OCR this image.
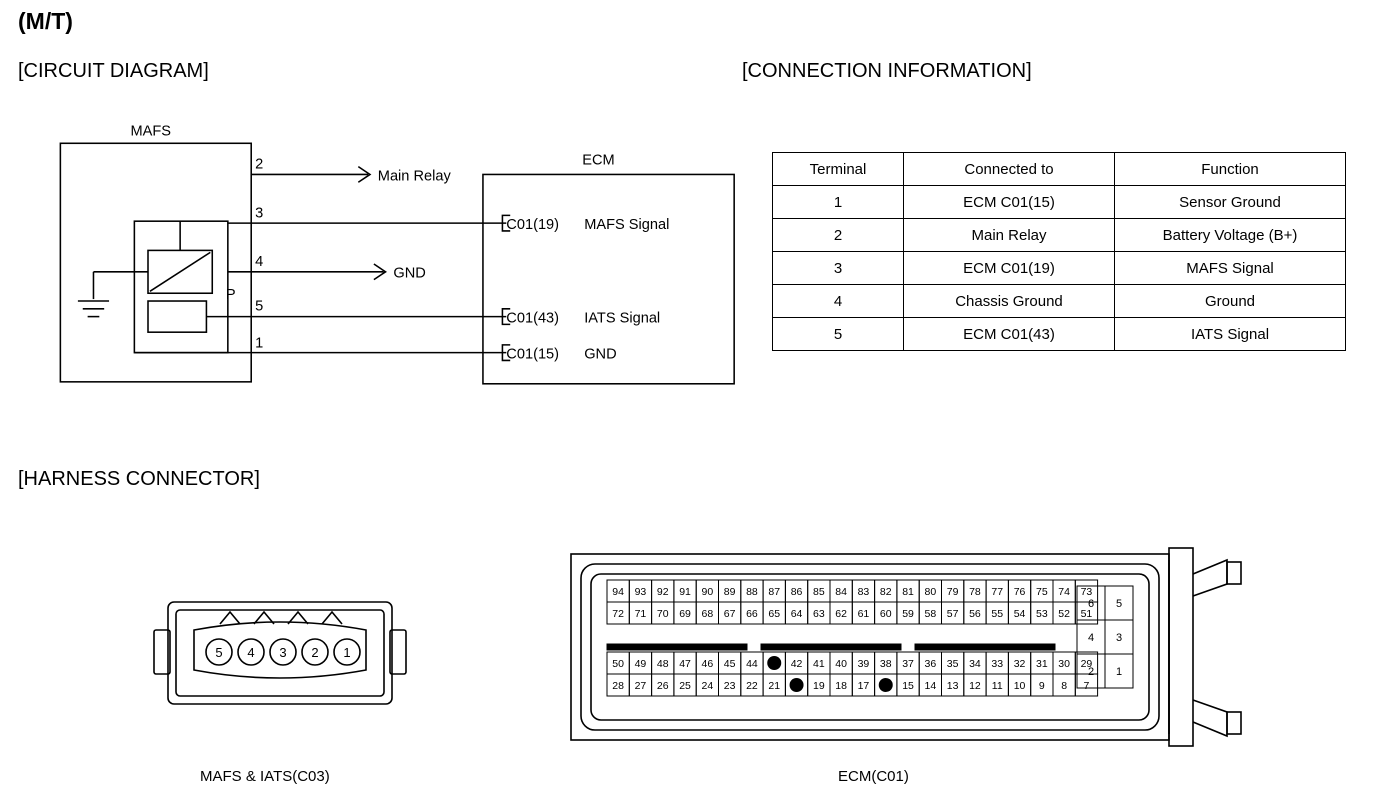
(M/T)
[CIRCUIT DIAGRAM]	[CONNECTION INFORMATION]
[HARNESS CONNECTOR]
MAFS
ECM
2
3
4
5
1
P
Main Relay
GND
C01(19) MAFS Signal
C01(43) IATS Signal
C01(15) GND
Terminal	Connected to	Function
1	ECM C01(15)	Sensor Ground
2	Main Relay	Battery Voltage (B+)
3	ECM C01(19)	MAFS Signal
4	Chassis Ground	Ground
5	ECM C01(43)	IATS Signal
5 4 3 2 1
MAFS & IATS(C03)
94 93 92 91 90 89 88 87 86 85 84 83 82 81 80 79 78 77 76 75 74 73
72 71 70 69 68 67 66 65 64 63 62 61 60 59 58 57 56 55 54 53 52 51
50 49 48 47 46 45 44	42 41 40 39 38 37 36 35 34 33 32 31 30 29
28 27 26 25 24 23 22 21	19 18 17	15 14 13 12 11 10 9 8 7
6 5
4 3
2 1
ECM(C01)
